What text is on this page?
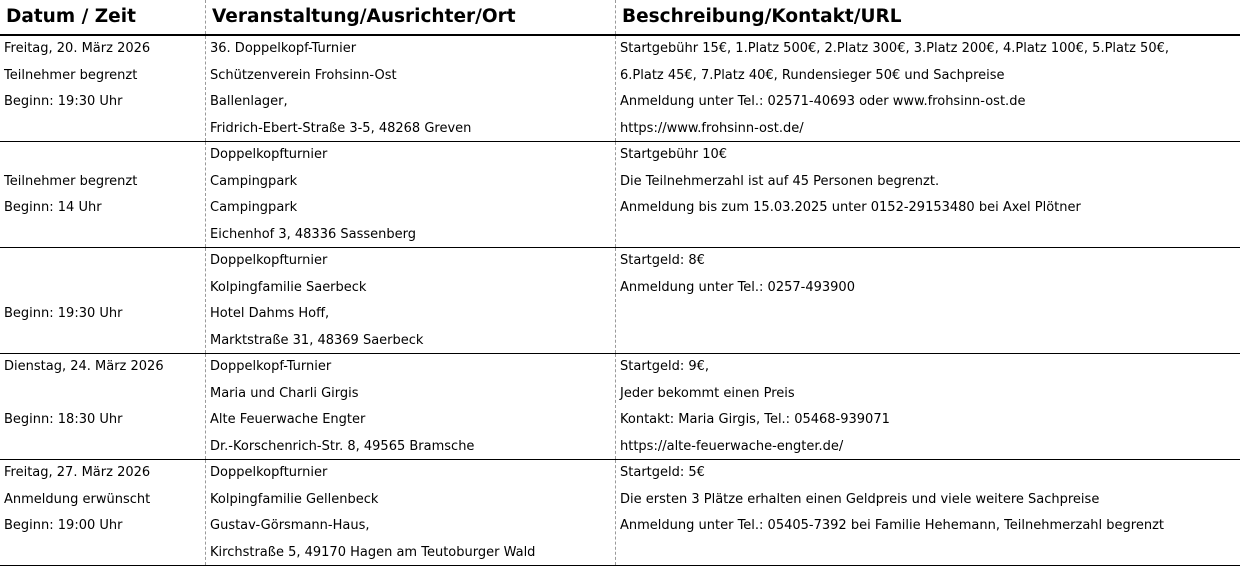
Datum / Zeit	Veranstaltung/Ausrichter/Ort	Beschreibung/Kontakt/URL
Freitag, 20. März 2026
Teilnehmer begrenzt
Beginn: 19:30 Uhr
36. Doppelkopf-Turnier
Schützenverein Frohsinn-Ost
Ballenlager,
Fridrich-Ebert-Straße 3-5, 48268 Greven
Startgebühr 15€, 1.Platz 500€, 2.Platz 300€, 3.Platz 200€, 4.Platz 100€, 5.Platz 50€,
6.Platz 45€, 7.Platz 40€, Rundensieger 50€ und Sachpreise
Anmeldung unter Tel.: 02571-40693 oder www.frohsinn-ost.de
https://www.frohsinn-ost.de/
Teilnehmer begrenzt
Beginn: 14 Uhr
Doppelkopfturnier
Campingpark
Campingpark
Eichenhof 3, 48336 Sassenberg
Startgebühr 10€
Die Teilnehmerzahl ist auf 45 Personen begrenzt.
Anmeldung bis zum 15.03.2025 unter 0152-29153480 bei Axel Plötner
Beginn: 19:30 Uhr
Doppelkopfturnier
Kolpingfamilie Saerbeck
Hotel Dahms Hoff,
Marktstraße 31, 48369 Saerbeck
Startgeld: 8€
Anmeldung unter Tel.: 0257-493900
Dienstag, 24. März 2026
Beginn: 18:30 Uhr
Doppelkopf-Turnier
Maria und Charli Girgis
Alte Feuerwache Engter
Dr.-Korschenrich-Str. 8, 49565 Bramsche
Startgeld: 9€,
Jeder bekommt einen Preis
Kontakt: Maria Girgis, Tel.: 05468-939071
https://alte-feuerwache-engter.de/
Freitag, 27. März 2026
Anmeldung erwünscht
Beginn: 19:00 Uhr
Doppelkopfturnier
Kolpingfamilie Gellenbeck
Gustav-Görsmann-Haus,
Kirchstraße 5, 49170 Hagen am Teutoburger Wald
Startgeld: 5€
Die ersten 3 Plätze erhalten einen Geldpreis und viele weitere Sachpreise
Anmeldung unter Tel.: 05405-7392 bei Familie Hehemann, Teilnehmerzahl begrenzt
